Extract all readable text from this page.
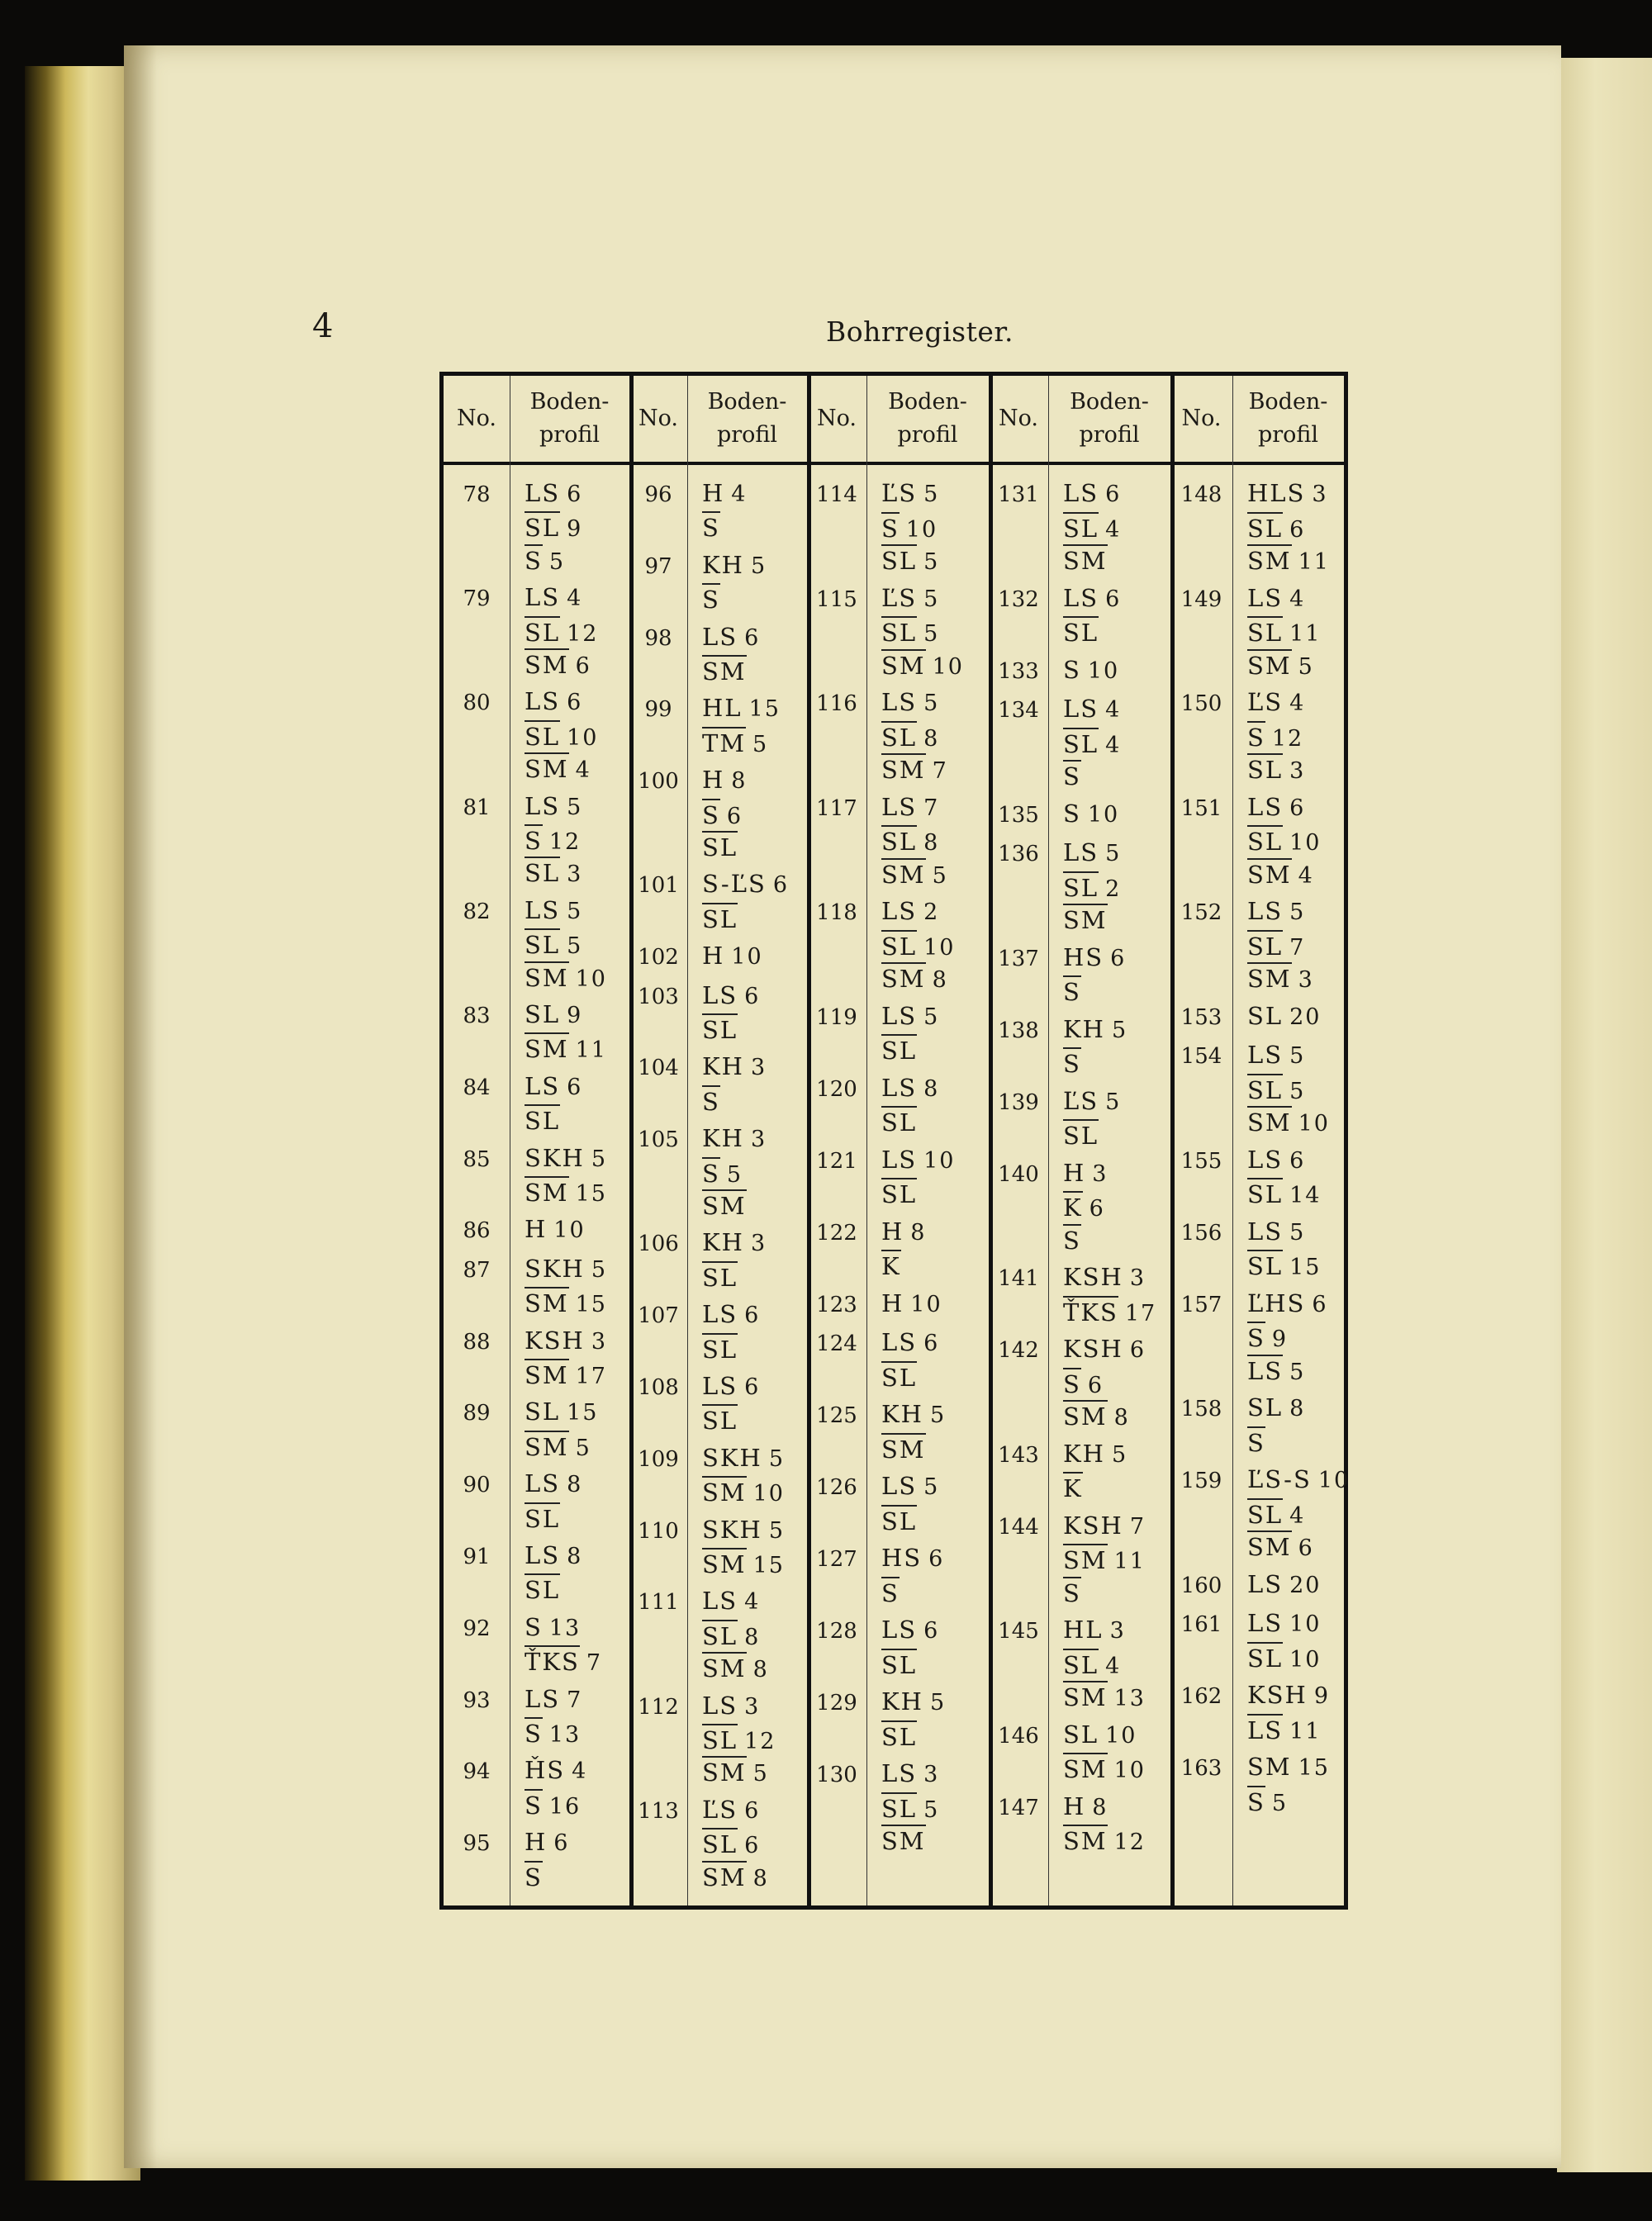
4	Bohrregister.
No.
Boden-
profil
No.
Boden-
profil
No.
Boden-
profil
No.
Boden-
profil
No.
Boden-
profil
78	LS 6
SL 9
S 5
79	LS 4
SL 12
SM 6
80	LS 6
SL 10
SM 4
81	LS 5
S 12
SL 3
82	LS 5
SL 5
SM 10
83	SL 9
SM 11
84	LS 6
SL
85	SKH 5
SM 15
86	H 10
87	SKH 5
SM 15
88	KSH 3
SM 17
89	SL 15
SM 5
90	LS 8
SL
91	LS 8
SL
92	S 13
ŤKS 7
93	LS 7
S 13
94	ȞS 4
S 16
95	H 6
S
96	H 4
S
97	KH 5
S
98	LS 6
SM
99	HL 15
TM 5
100 H 8
S 6
SL
101 S-ĽS 6
SL
102 H 10
103 LS 6
SL
104 KH 3
S
105 KH 3
S 5
SM
106 KH 3
SL
107 LS 6
SL
108 LS 6
SL
109 SKH 5
SM 10
110 SKH 5
SM 15
111 LS 4
SL 8
SM 8
112 LS 3
SL 12
SM 5
113 ĽS 6
SL 6
SM 8
114	ĽS 5
S 10
SL 5
115	ĽS 5
SL 5
SM 10
116	LS 5
SL 8
SM 7
117	LS 7
SL 8
SM 5
118	LS 2
SL 10
SM 8
119	LS 5
SL
120	LS 8
SL
121	LS 10
SL
122	H 8
K
123	H 10
124	LS 6
SL
125	KH 5
SM
126	LS 5
SL
127	HS 6
S
128	LS 6
SL
129	KH 5
SL
130	LS 3
SL 5
SM
131	LS 6
SL 4
SM
132	LS 6
SL
133	S 10
134	LS 4
SL 4
S
135	S 10
136	LS 5
SL 2
SM
137	HS 6
S
138	KH 5
S
139	ĽS 5
SL
140	H 3
K 6
S
141	KSH 3
ŤKS 17
142	KSH 6
S 6
SM 8
143	KH 5
K
144	KSH 7
SM 11
S
145	HL 3
SL 4
SM 13
146	SL 10
SM 10
147	H 8
SM 12
148	HLS 3
SL 6
SM 11
149	LS 4
SL 11
SM 5
150	ĽS 4
S 12
SL 3
151	LS 6
SL 10
SM 4
152	LS 5
SL 7
SM 3
153	SL 20
154	LS 5
SL 5
SM 10
155	LS 6
SL 14
156	LS 5
SL 15
157	ĽHS 6
S 9
LS 5
158	SL 8
S
159	ĽS-S 10
SL 4
SM 6
160	LS 20
161	LS 10
SL 10
162	KSH 9
LS 11
163	SM 15
S 5
